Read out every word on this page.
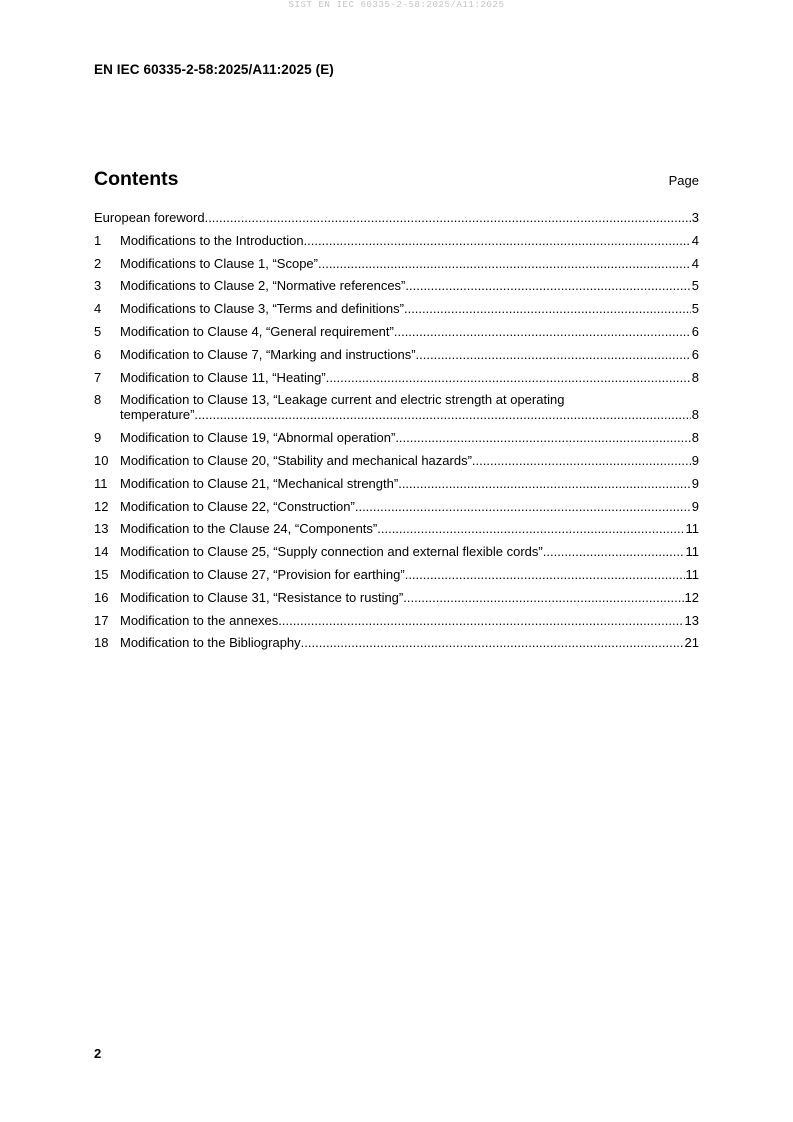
SIST EN IEC 60335-2-58:2025/A11:2025
EN IEC 60335-2-58:2025/A11:2025 (E)
Contents	Page
European foreword .....	3
1	Modifications to the Introduction .....	4
2	Modifications to Clause 1, “Scope” .....	4
3	Modifications to Clause 2, “Normative references” .....	5
4	Modifications to Clause 3, “Terms and definitions” .....	5
5	Modification to Clause 4, “General requirement” .....	6
6	Modification to Clause 7, “Marking and instructions” .....	6
7	Modification to Clause 11, “Heating” .....	8
8	Modification to Clause 13, “Leakage current and electric strength at operating
temperature” .....	8
9	Modification to Clause 19, “Abnormal operation” .....	8
10 Modification to Clause 20, “Stability and mechanical hazards” .....	9
11 Modification to Clause 21, “Mechanical strength” .....	9
12 Modification to Clause 22, “Construction” .....	9
13 Modification to the Clause 24, “Components” .....	11
14 Modification to Clause 25, “Supply connection and external flexible cords” .....	11
15 Modification to Clause 27, “Provision for earthing” .....	11
16 Modification to Clause 31, “Resistance to rusting” .....	12
17 Modification to the annexes .....	13
18 Modification to the Bibliography .....	21
2
